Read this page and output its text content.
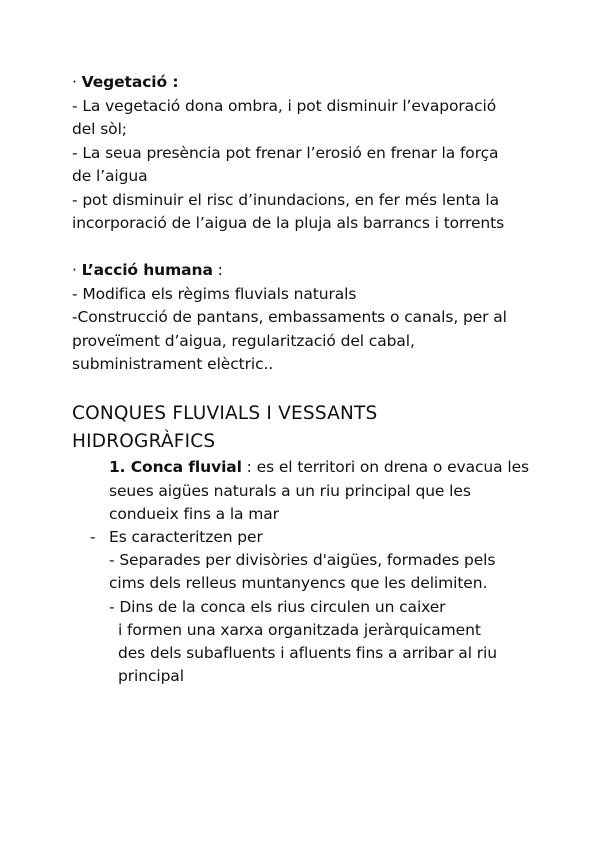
· Vegetació :
- La vegetació dona ombra, i pot disminuir l’evaporació
del sòl;
- La seua presència pot frenar l’erosió en frenar la força
de l’aigua
- pot disminuir el risc d’inundacions, en fer més lenta la
incorporació de l’aigua de la pluja als barrancs i torrents
· L’acció humana :
- Modifica els règims fluvials naturals
-Construcció de pantans, embassaments o canals, per al
proveïment d’aigua, regularització del cabal,
subministrament elèctric..
CONQUES FLUVIALS I VESSANTS
HIDROGRÀFICS
1. Conca fluvial : es el territori on drena o evacua les
seues aigües naturals a un riu principal que les
condueix fins a la mar
- Es caracteritzen per
- Separades per divisòries d'aigües, formades pels
cims dels relleus muntanyencs que les delimiten.
- Dins de la conca els rius circulen un caixer
i formen una xarxa organitzada jeràrquicament
des dels subafluents i afluents fins a arribar al riu
principal
